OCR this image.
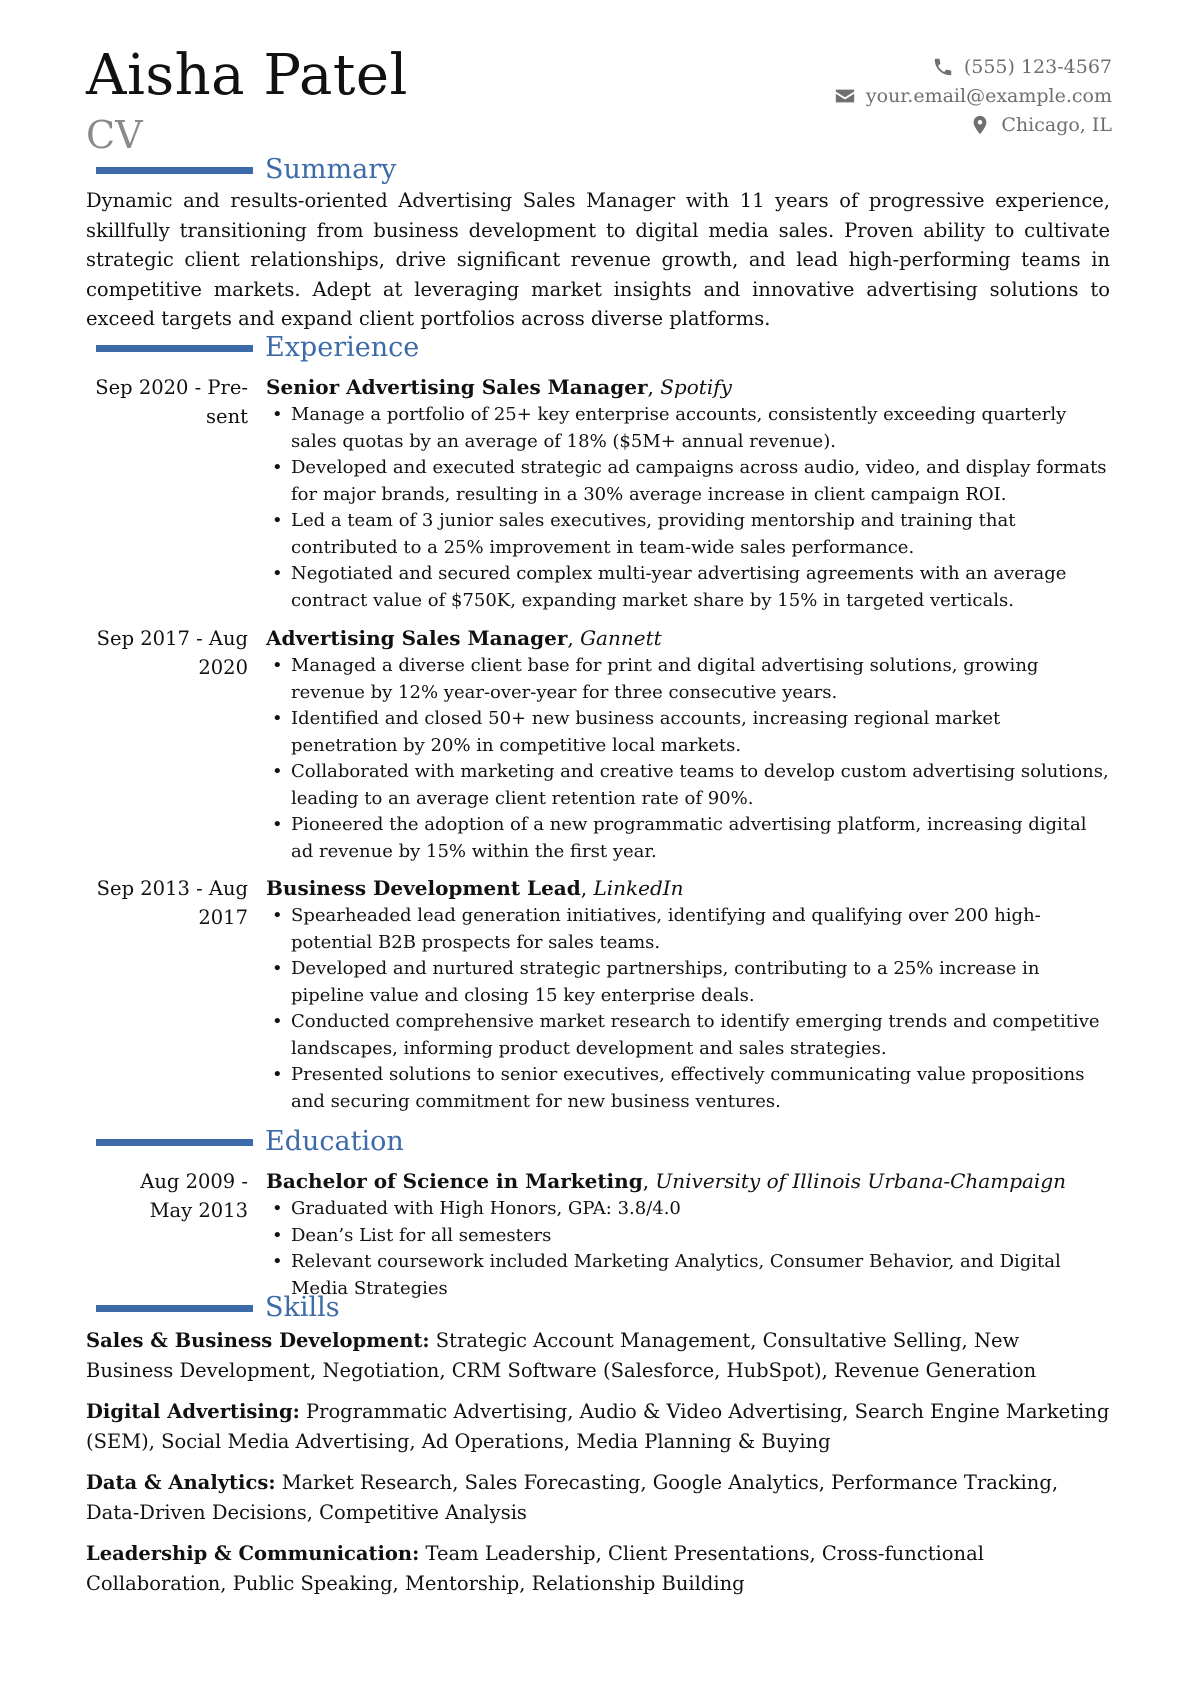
Aisha Patel
CV
(555) 123-4567
your.email@example.com
Chicago, IL
Summary
Dynamic and results-oriented Advertising Sales Manager with 11 years of progressive experience, skillfully transitioning from business development to digital media sales. Proven ability to cultivate strategic client relationships, drive significant revenue growth, and lead high-performing teams in competitive markets. Adept at leveraging market insights and innovative advertising solutions to exceed targets and expand client portfolios across diverse platforms.
Experience
Sep 2020 - Pre-
sent
Senior Advertising Sales Manager, Spotify
• Manage a portfolio of 25+ key enterprise accounts, consistently exceeding quarterly sales quotas by an average of 18% ($5M+ annual revenue).
• Developed and executed strategic ad campaigns across audio, video, and display formats for major brands, resulting in a 30% average increase in client campaign ROI.
• Led a team of 3 junior sales executives, providing mentorship and training that contributed to a 25% improvement in team-wide sales performance.
• Negotiated and secured complex multi-year advertising agreements with an average contract value of $750K, expanding market share by 15% in targeted verticals.
Sep 2017 - Aug
2020
Advertising Sales Manager, Gannett
• Managed a diverse client base for print and digital advertising solutions, growing revenue by 12% year-over-year for three consecutive years.
• Identified and closed 50+ new business accounts, increasing regional market penetration by 20% in competitive local markets.
• Collaborated with marketing and creative teams to develop custom advertising solutions, leading to an average client retention rate of 90%.
• Pioneered the adoption of a new programmatic advertising platform, increasing digital ad revenue by 15% within the first year.
Sep 2013 - Aug
2017
Business Development Lead, LinkedIn
• Spearheaded lead generation initiatives, identifying and qualifying over 200 high-potential B2B prospects for sales teams.
• Developed and nurtured strategic partnerships, contributing to a 25% increase in pipeline value and closing 15 key enterprise deals.
• Conducted comprehensive market research to identify emerging trends and competitive landscapes, informing product development and sales strategies.
• Presented solutions to senior executives, effectively communicating value propositions and securing commitment for new business ventures.
Education
Aug 2009 -
May 2013
Bachelor of Science in Marketing, University of Illinois Urbana-Champaign
• Graduated with High Honors, GPA: 3.8/4.0
• Dean’s List for all semesters
• Relevant coursework included Marketing Analytics, Consumer Behavior, and Digital Media Strategies
Skills
Sales & Business Development: Strategic Account Management, Consultative Selling, New Business Development, Negotiation, CRM Software (Salesforce, HubSpot), Revenue Generation
Digital Advertising: Programmatic Advertising, Audio & Video Advertising, Search Engine Marketing (SEM), Social Media Advertising, Ad Operations, Media Planning & Buying
Data & Analytics: Market Research, Sales Forecasting, Google Analytics, Performance Tracking, Data-Driven Decisions, Competitive Analysis
Leadership & Communication: Team Leadership, Client Presentations, Cross-functional Collaboration, Public Speaking, Mentorship, Relationship Building
